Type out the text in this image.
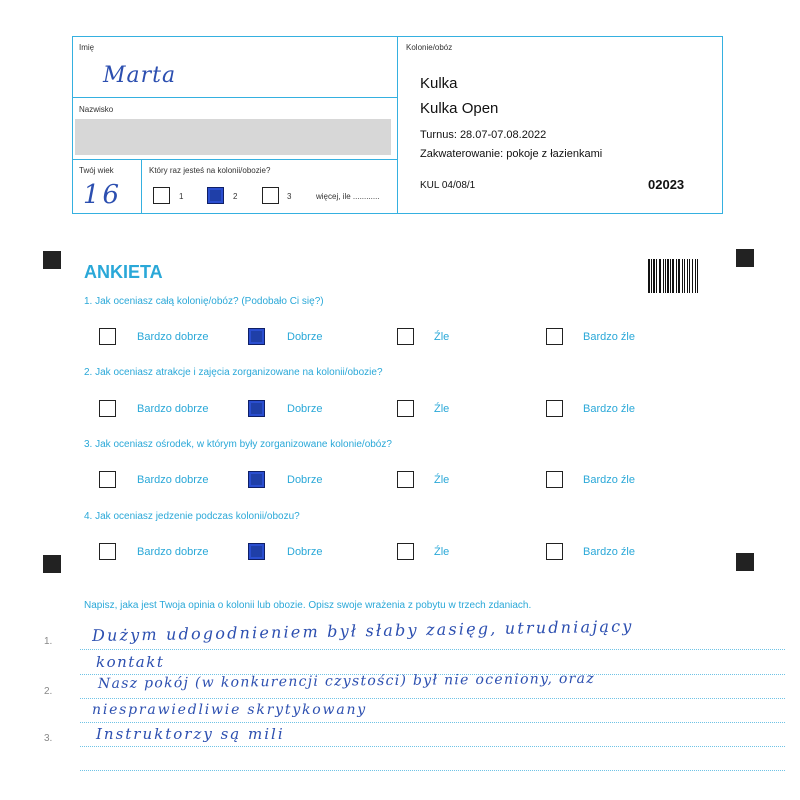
Imię
Marta
Nazwisko
Twój wiek
16
Który raz jesteś na kolonii/obozie?
1	2	3	więcej, ile ............
Kolonie/obóz
Kulka
Kulka Open
Turnus: 28.07-07.08.2022
Zakwaterowanie: pokoje z łazienkami
KUL 04/08/1	02023
ANKIETA
1. Jak oceniasz całą kolonię/obóz? (Podobało Ci się?)
Bardzo dobrze	Dobrze	Źle	Bardzo źle
2. Jak oceniasz atrakcje i zajęcia zorganizowane na kolonii/obozie?
Bardzo dobrze	Dobrze	Źle	Bardzo źle
3. Jak oceniasz ośrodek, w którym były zorganizowane kolonie/obóz?
Bardzo dobrze	Dobrze	Źle	Bardzo źle
4. Jak oceniasz jedzenie podczas kolonii/obozu?
Bardzo dobrze	Dobrze	Źle	Bardzo źle
Napisz, jaka jest Twoja opinia o kolonii lub obozie. Opisz swoje wrażenia z pobytu w trzech zdaniach.
1.
2.
3.
Dużym udogodnieniem był słaby zasięg, utrudniający
kontakt
Nasz pokój (w konkurencji czystości) był nie oceniony, oraz
niesprawiedliwie skrytykowany
Instruktorzy są mili
